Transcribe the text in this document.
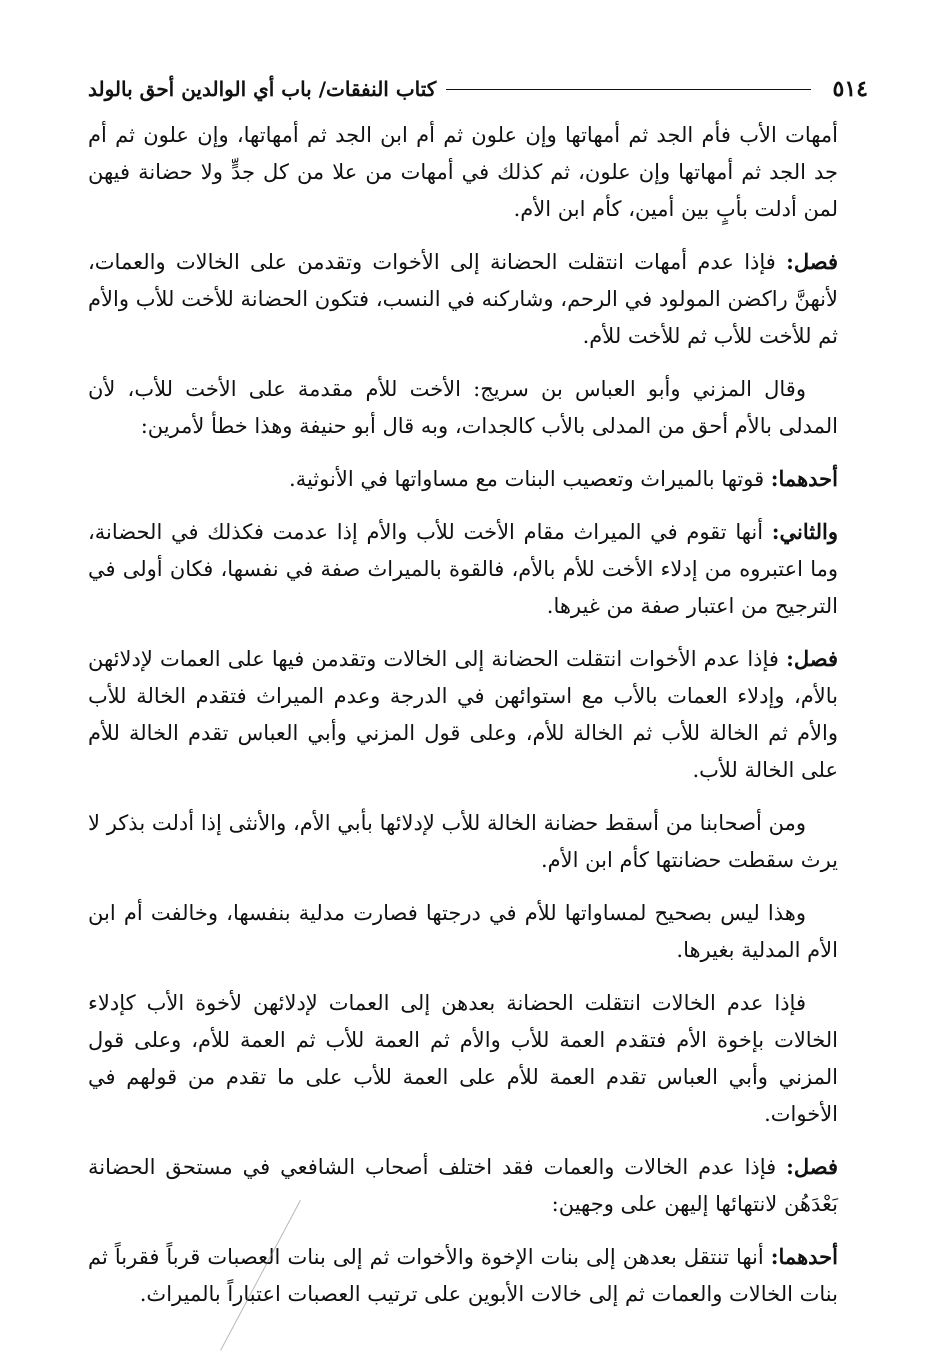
٥١٤
كتاب النفقات/ باب أي الوالدين أحق بالولد

أمهات الأب فأم الجد ثم أمهاتها وإن علون ثم أم ابن الجد ثم أمهاتها، وإن علون ثم أم جد الجد ثم أمهاتها وإن علون، ثم كذلك في أمهات من علا من كل جدٍّ ولا حضانة فيهن لمن أدلت بأبٍ بين أمين، كأم ابن الأم.

فصل: فإذا عدم أمهات انتقلت الحضانة إلى الأخوات وتقدمن على الخالات والعمات، لأنهنَّ راكضن المولود في الرحم، وشاركنه في النسب، فتكون الحضانة للأخت للأب والأم ثم للأخت للأب ثم للأخت للأم.

وقال المزني وأبو العباس بن سريج: الأخت للأم مقدمة على الأخت للأب، لأن المدلى بالأم أحق من المدلى بالأب كالجدات، وبه قال أبو حنيفة وهذا خطأ لأمرين:

أحدهما: قوتها بالميراث وتعصيب البنات مع مساواتها في الأنوثية.

والثاني: أنها تقوم في الميراث مقام الأخت للأب والأم إذا عدمت فكذلك في الحضانة، وما اعتبروه من إدلاء الأخت للأم بالأم، فالقوة بالميراث صفة في نفسها، فكان أولى في الترجيح من اعتبار صفة من غيرها.

فصل: فإذا عدم الأخوات انتقلت الحضانة إلى الخالات وتقدمن فيها على العمات لإدلائهن بالأم، وإدلاء العمات بالأب مع استوائهن في الدرجة وعدم الميراث فتقدم الخالة للأب والأم ثم الخالة للأب ثم الخالة للأم، وعلى قول المزني وأبي العباس تقدم الخالة للأم على الخالة للأب.

ومن أصحابنا من أسقط حضانة الخالة للأب لإدلائها بأبي الأم، والأنثى إذا أدلت بذكر لا يرث سقطت حضانتها كأم ابن الأم.

وهذا ليس بصحيح لمساواتها للأم في درجتها فصارت مدلية بنفسها، وخالفت أم ابن الأم المدلية بغيرها.

فإذا عدم الخالات انتقلت الحضانة بعدهن إلى العمات لإدلائهن لأخوة الأب كإدلاء الخالات بإخوة الأم فتقدم العمة للأب والأم ثم العمة للأب ثم العمة للأم، وعلى قول المزني وأبي العباس تقدم العمة للأم على العمة للأب على ما تقدم من قولهم في الأخوات.

فصل: فإذا عدم الخالات والعمات فقد اختلف أصحاب الشافعي في مستحق الحضانة بَعْدَهُن لانتهائها إليهن على وجهين:

أحدهما: أنها تنتقل بعدهن إلى بنات الإخوة والأخوات ثم إلى بنات العصبات قرباً فقرباً ثم بنات الخالات والعمات ثم إلى خالات الأبوين على ترتيب العصبات اعتباراً بالميراث.
